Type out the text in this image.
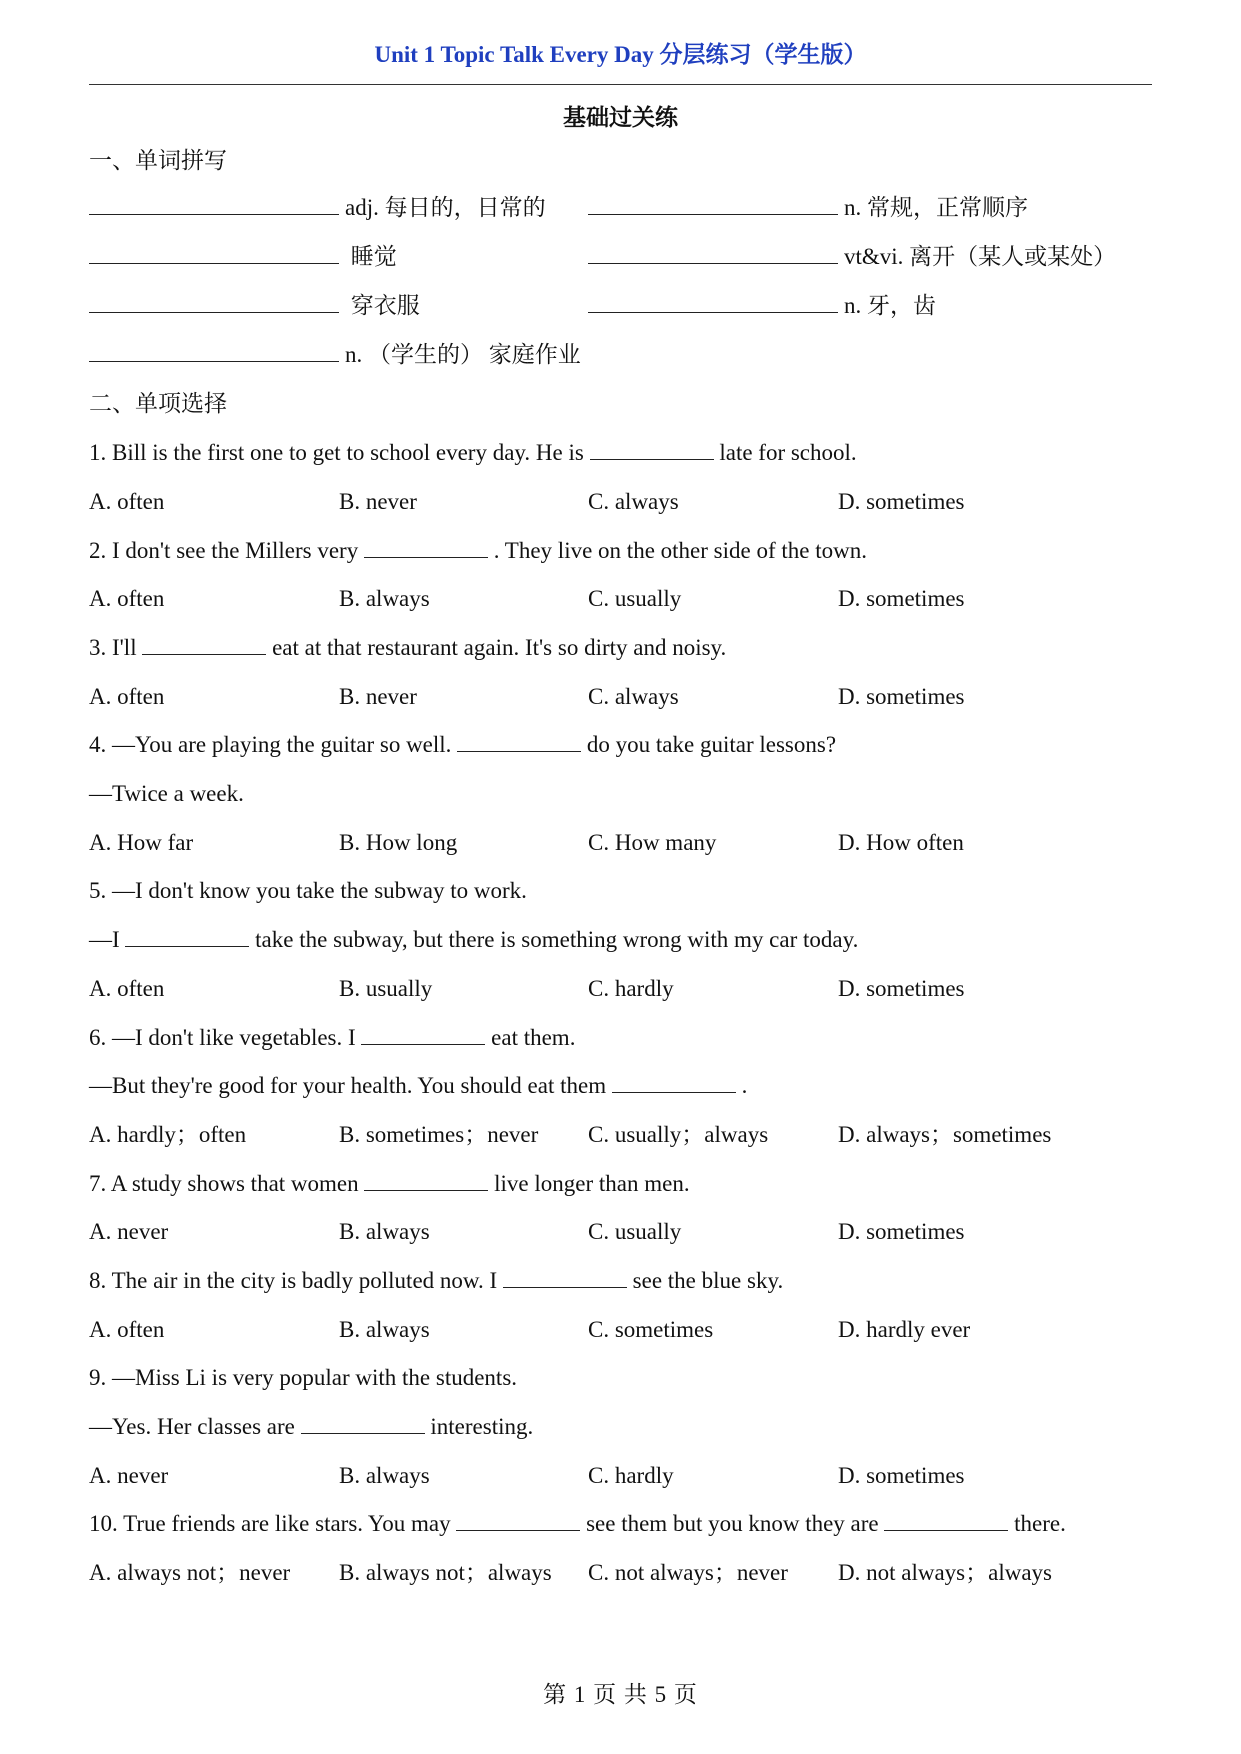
Unit 1 Topic Talk Every Day 分层练习（学生版）
基础过关练
一、单词拼写
adj. 每日的，日常的	n. 常规，正常顺序
睡觉	vt&vi. 离开（某人或某处）
穿衣服	n. 牙，齿
n. （学生的） 家庭作业
二、单项选择
1. Bill is the first one to get to school every day. He is	late for school.
A. often	B. never	C. always	D. sometimes
2. I don't see the Millers very	. They live on the other side of the town.
A. often	B. always	C. usually	D. sometimes
3. I'll	eat at that restaurant again. It's so dirty and noisy.
A. often	B. never	C. always	D. sometimes
4. —You are playing the guitar so well.	do you take guitar lessons?
—Twice a week.
A. How far	B. How long	C. How many	D. How often
5. —I don't know you take the subway to work.
—I	take the subway, but there is something wrong with my car today.
A. often	B. usually	C. hardly	D. sometimes
6. —I don't like vegetables. I	eat them.
—But they're good for your health. You should eat them	.
A. hardly；often	B. sometimes；never C. usually；always	D. always；sometimes
7. A study shows that women	live longer than men.
A. never	B. always	C. usually	D. sometimes
8. The air in the city is badly polluted now. I	see the blue sky.
A. often	B. always	C. sometimes	D. hardly ever
9. —Miss Li is very popular with the students.
—Yes. Her classes are	interesting.
A. never	B. always	C. hardly	D. sometimes
10. True friends are like stars. You may	see them but you know they are	there.
A. always not；never B. always not；always C. not always；never D. not always；always
第 1 页 共 5 页
